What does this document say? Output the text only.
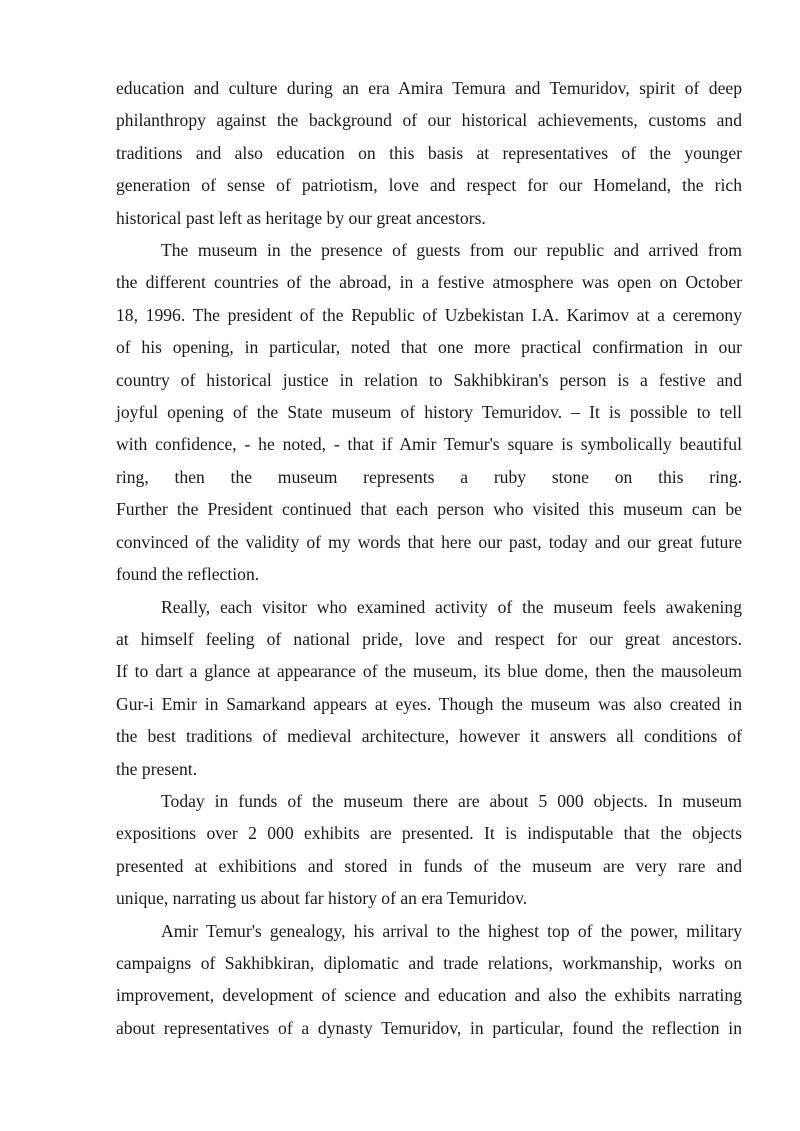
education and culture during an era Amira Temura and Temuridov, spirit of deep
philanthropy against the background of our historical achievements, customs and
traditions and also education on this basis at representatives of the younger
generation of sense of patriotism, love and respect for our Homeland, the rich
historical past left as heritage by our great ancestors.

The museum in the presence of guests from our republic and arrived from
the different countries of the abroad, in a festive atmosphere was open on October
18, 1996. The president of the Republic of Uzbekistan I.A. Karimov at a ceremony
of his opening, in particular, noted that one more practical confirmation in our
country of historical justice in relation to Sakhibkiran's person is a festive and
joyful opening of the State museum of history Temuridov. – It is possible to tell
with confidence, - he noted, - that if Amir Temur's square is symbolically beautiful
ring, then the museum represents a ruby stone on this ring.
Further the President continued that each person who visited this museum can be
convinced of the validity of my words that here our past, today and our great future
found the reflection.

Really, each visitor who examined activity of the museum feels awakening
at himself feeling of national pride, love and respect for our great ancestors.
If to dart a glance at appearance of the museum, its blue dome, then the mausoleum
Gur-i Emir in Samarkand appears at eyes. Though the museum was also created in
the best traditions of medieval architecture, however it answers all conditions of
the present.

Today in funds of the museum there are about 5 000 objects. In museum
expositions over 2 000 exhibits are presented. It is indisputable that the objects
presented at exhibitions and stored in funds of the museum are very rare and
unique, narrating us about far history of an era Temuridov.

Amir Temur's genealogy, his arrival to the highest top of the power, military
campaigns of Sakhibkiran, diplomatic and trade relations, workmanship, works on
improvement, development of science and education and also the exhibits narrating
about representatives of a dynasty Temuridov, in particular, found the reflection in
